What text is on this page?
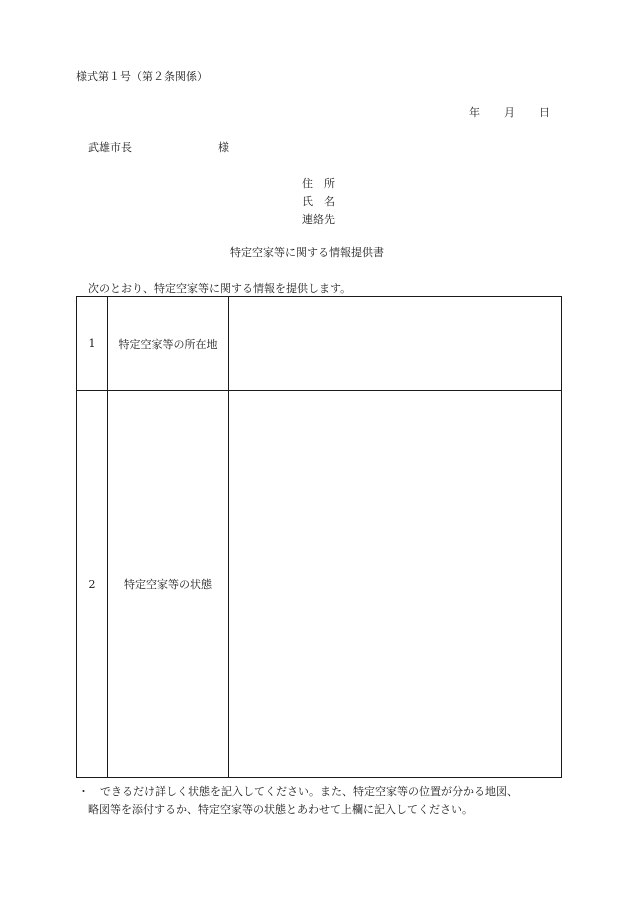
様式第１号（第２条関係）
年 月 日
武雄市長	様
住　所
氏　名
連絡先
特定空家等に関する情報提供書
次のとおり、特定空家等に関する情報を提供します。
1	特定空家等の所在地	
2	特定空家等の状態	
・ できるだけ詳しく状態を記入してください。また、特定空家等の位置が分かる地図、
略図等を添付するか、特定空家等の状態とあわせて上欄に記入してください。
